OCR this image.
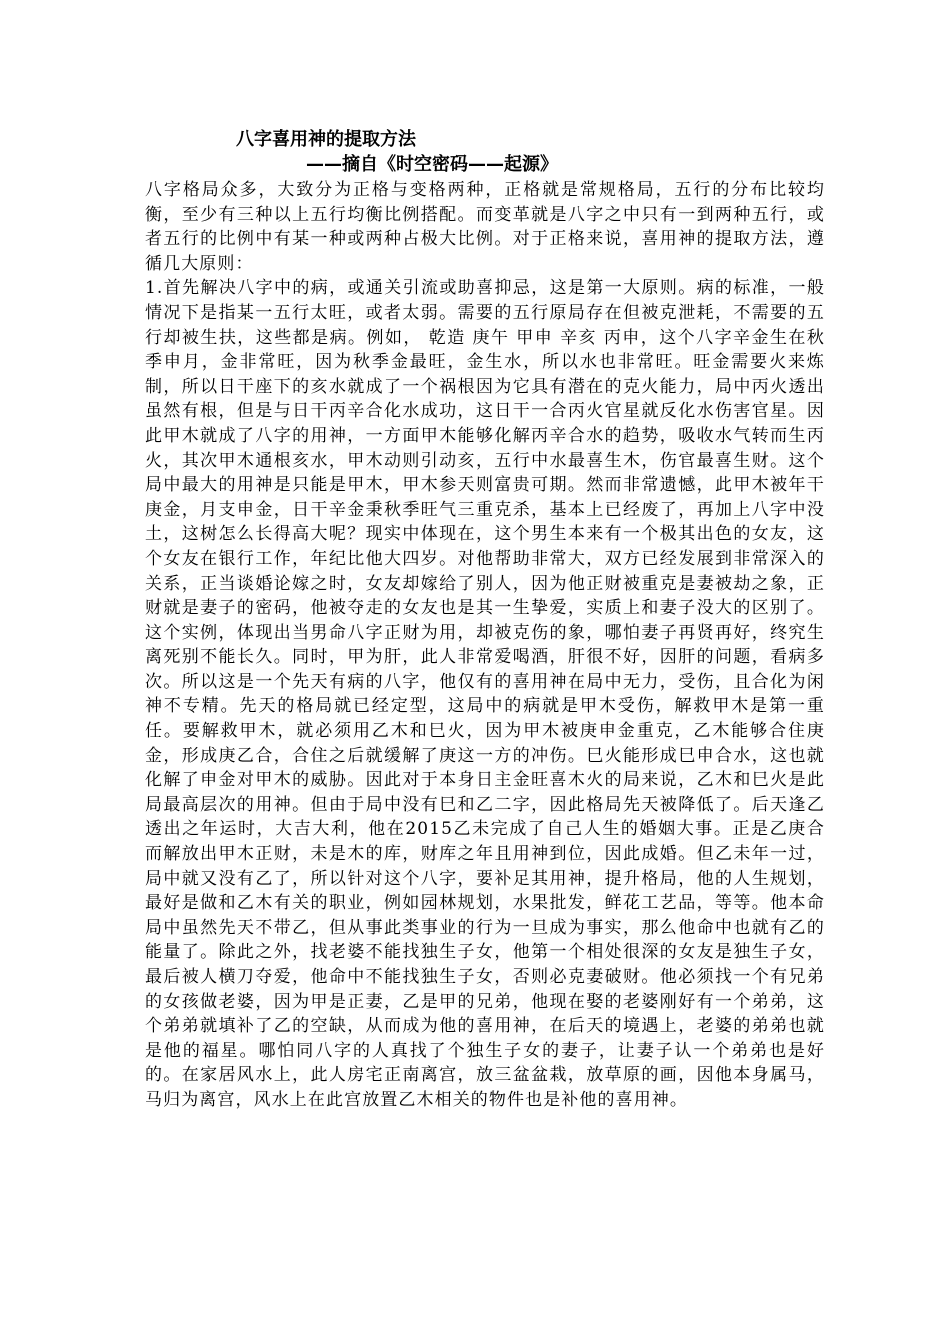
八字喜用神的提取方法
——摘自《时空密码——起源》

八字格局众多，大致分为正格与变格两种，正格就是常规格局，五行的分布比较均衡，至少有三种以上五行均衡比例搭配。而变革就是八字之中只有一到两种五行，或者五行的比例中有某一种或两种占极大比例。对于正格来说，喜用神的提取方法，遵循几大原则：

1.首先解决八字中的病，或通关引流或助喜抑忌，这是第一大原则。病的标准，一般情况下是指某一五行太旺，或者太弱。需要的五行原局存在但被克泄耗，不需要的五行却被生扶，这些都是病。例如， 乾造 庚午 甲申 辛亥 丙申，这个八字辛金生在秋季申月，金非常旺，因为秋季金最旺，金生水，所以水也非常旺。旺金需要火来炼制，所以日干座下的亥水就成了一个祸根因为它具有潜在的克火能力，局中丙火透出虽然有根，但是与日干丙辛合化水成功，这日干一合丙火官星就反化水伤害官星。因此甲木就成了八字的用神，一方面甲木能够化解丙辛合水的趋势，吸收水气转而生丙火，其次甲木通根亥水，甲木动则引动亥，五行中水最喜生木，伤官最喜生财。这个局中最大的用神是只能是甲木，甲木参天则富贵可期。然而非常遗憾，此甲木被年干庚金，月支申金，日干辛金秉秋季旺气三重克杀，基本上已经废了，再加上八字中没土，这树怎么长得高大呢？现实中体现在，这个男生本来有一个极其出色的女友，这个女友在银行工作，年纪比他大四岁。对他帮助非常大，双方已经发展到非常深入的关系，正当谈婚论嫁之时，女友却嫁给了别人，因为他正财被重克是妻被劫之象，正财就是妻子的密码，他被夺走的女友也是其一生挚爱，实质上和妻子没大的区别了。这个实例，体现出当男命八字正财为用，却被克伤的象，哪怕妻子再贤再好，终究生离死别不能长久。同时，甲为肝，此人非常爱喝酒，肝很不好，因肝的问题，看病多次。所以这是一个先天有病的八字，他仅有的喜用神在局中无力，受伤，且合化为闲神不专精。先天的格局就已经定型，这局中的病就是甲木受伤，解救甲木是第一重任。要解救甲木，就必须用乙木和巳火，因为甲木被庚申金重克，乙木能够合住庚金，形成庚乙合，合住之后就缓解了庚这一方的冲伤。巳火能形成巳申合水，这也就化解了申金对甲木的威胁。因此对于本身日主金旺喜木火的局来说，乙木和巳火是此局最高层次的用神。但由于局中没有巳和乙二字，因此格局先天被降低了。后天逢乙透出之年运时，大吉大利，他在2015乙未完成了自己人生的婚姻大事。正是乙庚合而解放出甲木正财，未是木的库，财库之年且用神到位，因此成婚。但乙未年一过，局中就又没有乙了，所以针对这个八字，要补足其用神，提升格局，他的人生规划，最好是做和乙木有关的职业，例如园林规划，水果批发，鲜花工艺品，等等。他本命局中虽然先天不带乙，但从事此类事业的行为一旦成为事实，那么他命中也就有乙的能量了。除此之外，找老婆不能找独生子女，他第一个相处很深的女友是独生子女，最后被人横刀夺爱，他命中不能找独生子女，否则必克妻破财。他必须找一个有兄弟的女孩做老婆，因为甲是正妻，乙是甲的兄弟，他现在娶的老婆刚好有一个弟弟，这个弟弟就填补了乙的空缺，从而成为他的喜用神，在后天的境遇上，老婆的弟弟也就是他的福星。哪怕同八字的人真找了个独生子女的妻子，让妻子认一个弟弟也是好的。在家居风水上，此人房宅正南离宫，放三盆盆栽，放草原的画，因他本身属马，马归为离宫，风水上在此宫放置乙木相关的物件也是补他的喜用神。
